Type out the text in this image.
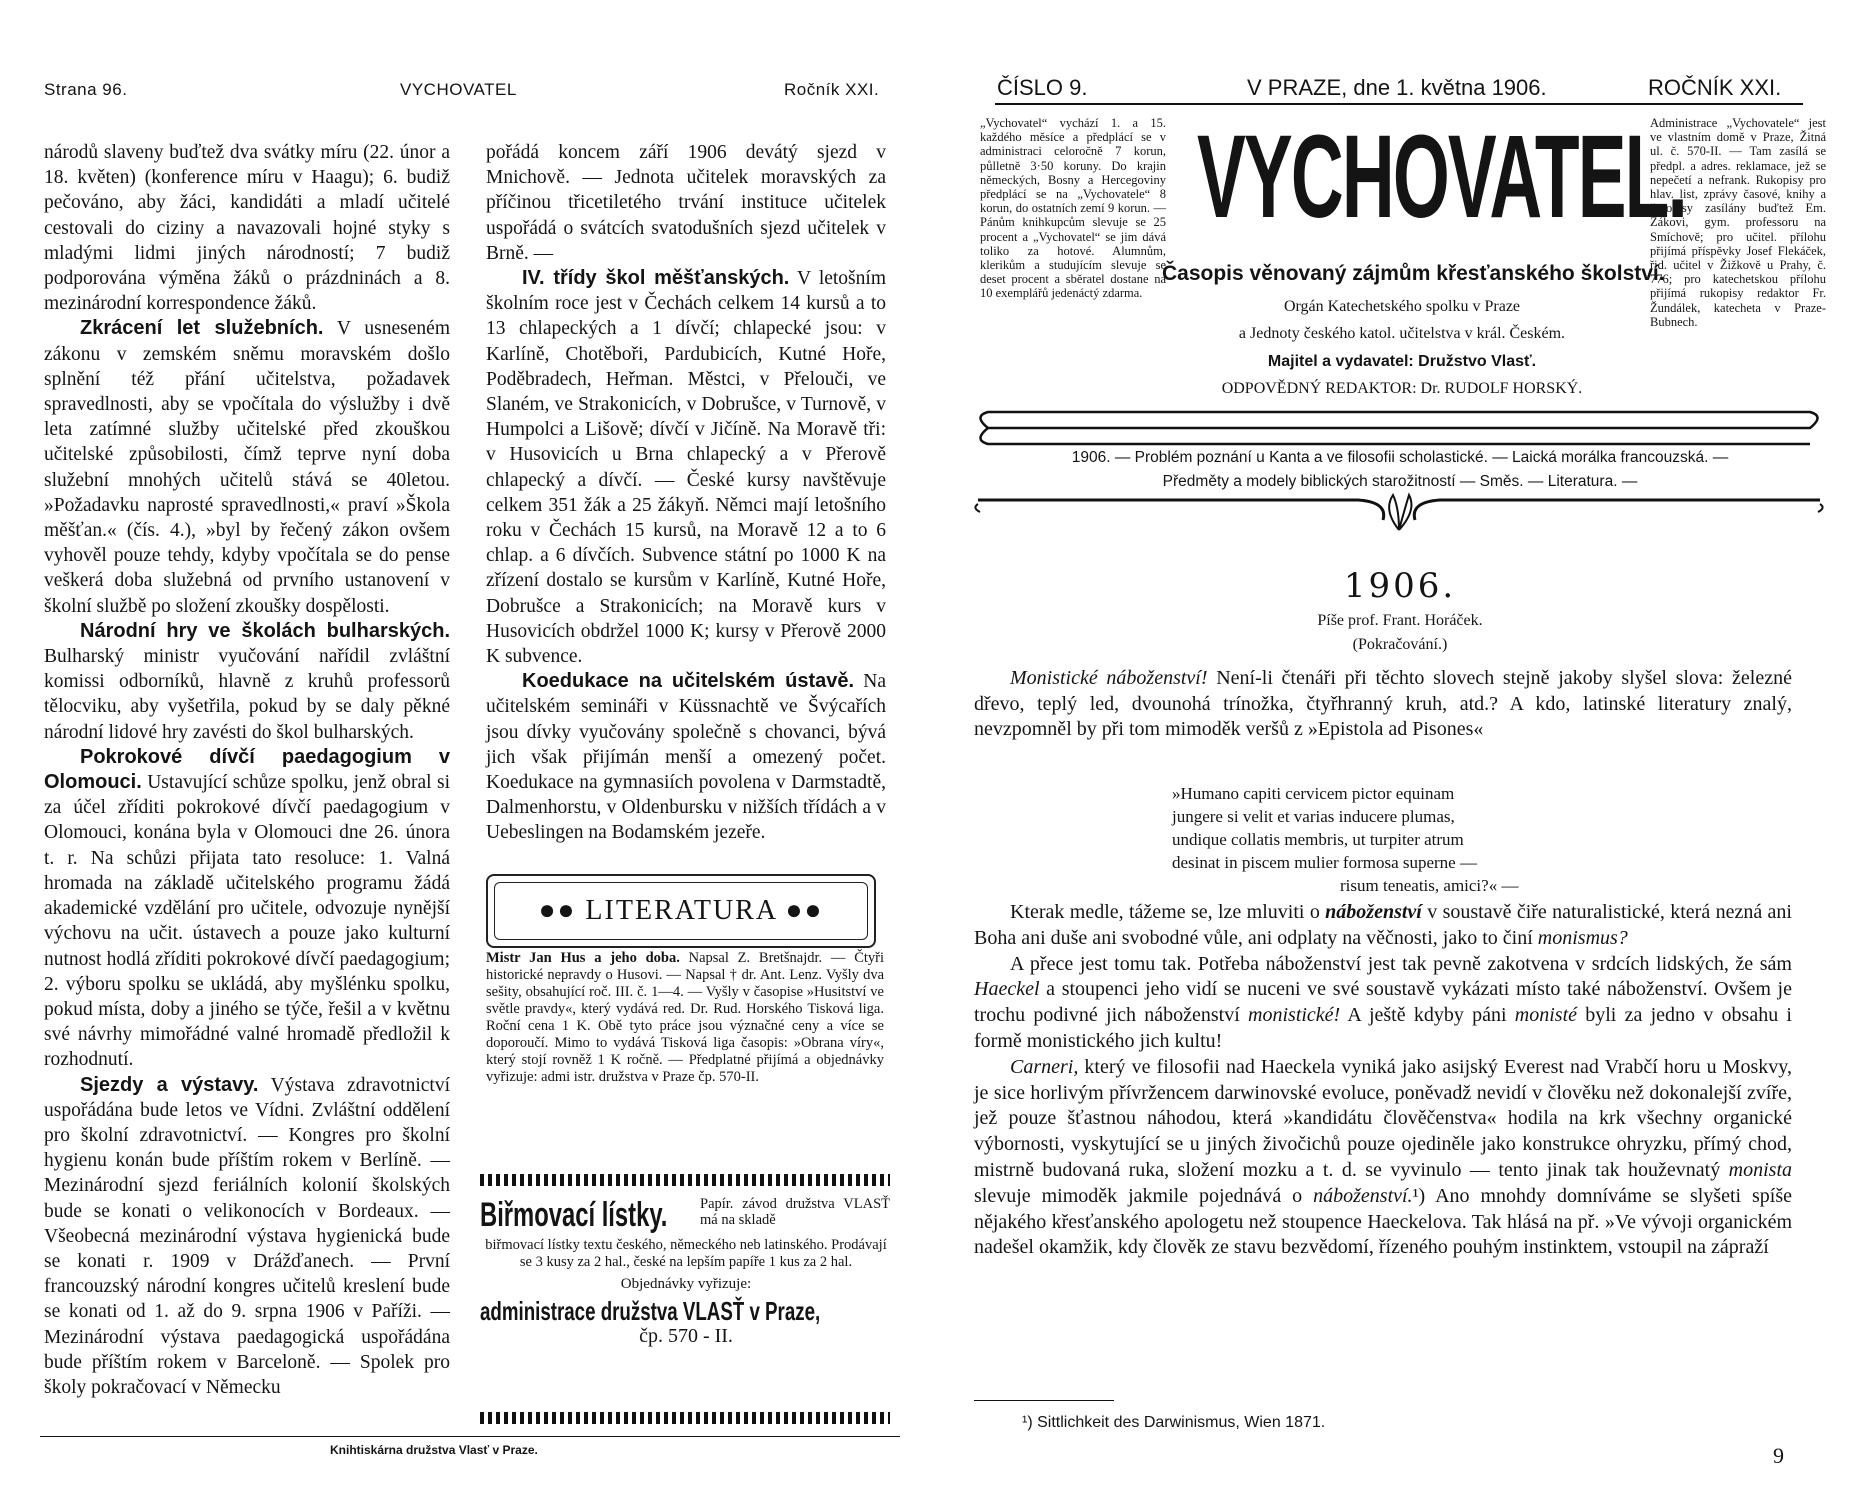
Strana 96.	VYCHOVATEL	Ročník XXI.

národů slaveny buďtež dva svátky míru (22. únor a 18. květen) (konference míru v Haagu); 6. budiž pečováno, aby žáci, kandidáti a mladí učitelé cestovali do ciziny a navazovali hojné styky s mladými lidmi jiných národností; 7 budiž podporována výměna žáků o prázdninách a 8. mezinárodní korrespondence žáků.

Zkrácení let služebních. V usneseném zákonu v zemském sněmu moravském došlo splnění též přání učitelstva, požadavek spravedlnosti, aby se vpočítala do výslužby i dvě leta zatímné služby učitelské před zkouškou učitelské způsobilosti, čímž teprve nyní doba služební mnohých učitelů stává se 40letou. »Požadavku naprosté spravedlnosti,« praví »Škola měšťan.« (čís. 4.), »byl by řečený zákon ovšem vyhověl pouze tehdy, kdyby vpočítala se do pense veškerá doba služebná od prvního ustanovení v školní službě po složení zkoušky dospělosti.

Národní hry ve školách bulharských. Bulharský ministr vyučování nařídil zvláštní komissi odborníků, hlavně z kruhů professorů tělocviku, aby vyšetřila, pokud by se daly pěkné národní lidové hry zavésti do škol bulharských.

Pokrokové dívčí paedagogium v Olomouci. Ustavující schůze spolku, jenž obral si za účel zříditi pokrokové dívčí paedagogium v Olomouci, konána byla v Olomouci dne 26. února t. r. Na schůzi přijata tato resoluce: 1. Valná hromada na základě učitelského programu žádá akademické vzdělání pro učitele, odvozuje nynější výchovu na učit. ústavech a pouze jako kulturní nutnost hodlá zříditi pokrokové dívčí paedagogium; 2. výboru spolku se ukládá, aby myšlénku spolku, pokud místa, doby a jiného se týče, řešil a v květnu své návrhy mimořádné valné hromadě předložil k rozhodnutí.

Sjezdy a výstavy. Výstava zdravotnictví uspořádána bude letos ve Vídni. Zvláštní oddělení pro školní zdravotnictví. — Kongres pro školní hygienu konán bude příštím rokem v Berlíně. — Mezinárodní sjezd feriálních kolonií školských bude se konati o velikonocích v Bordeaux. — Všeobecná mezinárodní výstava hygienická bude se konati r. 1909 v Drážďanech. — První francouzský národní kongres učitelů kreslení bude se konati od 1. až do 9. srpna 1906 v Paříži. — Mezinárodní výstava paedagogická uspořádána bude příštím rokem v Barceloně. — Spolek pro školy pokračovací v Německu

pořádá koncem září 1906 devátý sjezd v Mnichově. — Jednota učitelek moravských za příčinou třicetiletého trvání instituce učitelek uspořádá o svátcích svatodušních sjezd učitelek v Brně. —

IV. třídy škol měšťanských. V letošním školním roce jest v Čechách celkem 14 kursů a to 13 chlapeckých a 1 dívčí; chlapecké jsou: v Karlíně, Chotěboři, Pardubicích, Kutné Hoře, Poděbradech, Heřman. Městci, v Přelouči, ve Slaném, ve Strakonicích, v Dobrušce, v Turnově, v Humpolci a Lišově; dívčí v Jičíně. Na Moravě tři: v Husovicích u Brna chlapecký a v Přerově chlapecký a dívčí. — České kursy navštěvuje celkem 351 žák a 25 žákyň. Němci mají letošního roku v Čechách 15 kursů, na Moravě 12 a to 6 chlap. a 6 dívčích. Subvence státní po 1000 K na zřízení dostalo se kursům v Karlíně, Kutné Hoře, Dobrušce a Strakonicích; na Moravě kurs v Husovicích obdržel 1000 K; kursy v Přerově 2000 K subvence.

Koedukace na učitelském ústavě. Na učitelském semináři v Küssnachtě ve Švýcařích jsou dívky vyučovány společně s chovanci, bývá jich však přijímán menší a omezený počet. Koedukace na gymnasiích povolena v Darmstadtě, Dalmenhorstu, v Oldenbursku v nižších třídách a v Uebeslingen na Bodamském jezeře.

●● LITERATURA ●●
Mistr Jan Hus a jeho doba. Napsal Z. Bretšnajdr. — Čtyři historické nepravdy o Husovi. — Napsal † dr. Ant. Lenz. Vyšly dva sešity, obsahující roč. III. č. 1—4. — Vyšly v časopise »Husitství ve světle pravdy«, který vydává red. Dr. Rud. Horského Tisková liga. Roční cena 1 K. Obě tyto práce jsou význačné ceny a více se doporoučí. Mimo to vydává Tisková liga časopis: »Obrana víry«, který stojí rovněž 1 K ročně. — Předplatné přijímá a objednávky vyřizuje: admi istr. družstva v Praze čp. 570-II.
Biřmovací lístky. Papír. závod družstva VLASŤ má na skladě
biřmovací lístky textu českého, německého neb latinského. Prodávají se 3 kusy za 2 hal., české na lepším papíře 1 kus za 2 hal.
Objednávky vyřizuje:
administrace družstva VLASŤ v Praze,
čp. 570 - II.
Knihtiskárna družstva Vlasť v Praze.
ČÍSLO 9.	V PRAZE, dne 1. května 1906.	ROČNÍK XXI.
„Vychovatel“ vychází 1. a 15. každého měsíce a předplácí se v administraci celoročně 7 korun, půlletně 3·50 koruny. Do krajin německých, Bosny a Hercegoviny předplácí se na „Vychovatele“ 8 korun, do ostatních zemí 9 korun. — Pánům knihkupcům slevuje se 25 procent a „Vychovatel“ se jim dává toliko za hotové. Alumnům, klerikům a studujícím slevuje se deset procent a sběratel dostane na 10 exemplářů jedenáctý zdarma.
Administrace „Vychovatele“ jest ve vlastním domě v Praze, Žitná ul. č. 570-II. — Tam zasílá se předpl. a adres. reklamace, jež se nepečetí a nefrank. Rukopisy pro hlav. list, zprávy časové, knihy a časopisy zasílány buďtež Em. Žákovi, gym. professoru na Smíchově; pro učitel. přílohu přijímá příspěvky Josef Flekáček, řid. učitel v Žižkově u Prahy, č. 776; pro katechetskou přílohu přijímá rukopisy redaktor Fr. Žundálek, katecheta v Praze-Bubnech.
VYCHOVATEL.
Časopis věnovaný zájmům křesťanského školství.
Orgán Katechetského spolku v Praze
a Jednoty českého katol. učitelstva v král. Českém.
Majitel a vydavatel: Družstvo Vlasť.
ODPOVĚDNÝ REDAKTOR: Dr. RUDOLF HORSKÝ.
1906. — Problém poznání u Kanta a ve filosofii scholastické. — Laická morálka francouzská. —
Předměty a modely biblických starožitností — Směs. — Literatura. —
1906.
Píše prof. Frant. Horáček.
(Pokračování.)

Monistické náboženství! Není-li čtenáři při těchto slovech stejně jakoby slyšel slova: železné dřevo, teplý led, dvounohá trínožka, čtyřhranný kruh, atd.? A kdo, latinské literatury znalý, nevzpomněl by při tom mimoděk veršů z »Epistola ad Pisones«

»Humano capiti cervicem pictor equinam
jungere si velit et varias inducere plumas,
undique collatis membris, ut turpiter atrum
desinat in piscem mulier formosa superne —
risum teneatis, amici?« —

Kterak medle, tážeme se, lze mluviti o náboženství v soustavě čiře naturalistické, která nezná ani Boha ani duše ani svobodné vůle, ani odplaty na věčnosti, jako to činí monismus?

A přece jest tomu tak. Potřeba náboženství jest tak pevně zakotvena v srdcích lidských, že sám Haeckel a stoupenci jeho vidí se nuceni ve své soustavě vykázati místo také náboženství. Ovšem je trochu podivné jich náboženství monistické! A ještě kdyby páni monisté byli za jedno v obsahu i formě monistického jich kultu!

Carneri, který ve filosofii nad Haeckela vyniká jako asijský Everest nad Vrabčí horu u Moskvy, je sice horlivým přívržencem darwinovské evoluce, poněvadž nevidí v člověku než dokonalejší zvíře, jež pouze šťastnou náhodou, která »kandidátu člověčenstva« hodila na krk všechny organické výbornosti, vyskytující se u jiných živočichů pouze ojediněle jako konstrukce ohryzku, přímý chod, mistrně budovaná ruka, složení mozku a t. d. se vyvinulo — tento jinak tak houževnatý monista slevuje mimoděk jakmile pojednává o náboženství.¹) Ano mnohdy domníváme se slyšeti spíše nějakého křesťanského apologetu než stoupence Haeckelova. Tak hlásá na př. »Ve vývoji organickém nadešel okamžik, kdy člověk ze stavu bezvědomí, řízeného pouhým instinktem, vstoupil na zápraží

¹) Sittlichkeit des Darwinismus, Wien 1871.
9
